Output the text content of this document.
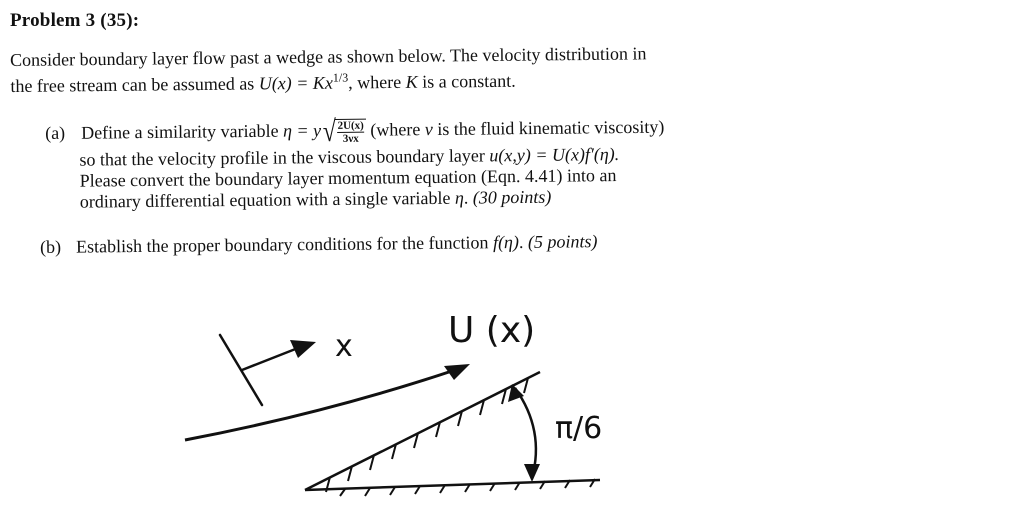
Problem 3 (35):
Consider boundary layer flow past a wedge as shown below. The velocity distribution in
the free stream can be assumed as $U(x) = Kx^{1/3}$, where K is a constant.
(a) Define a similarity variable η = y √ $\frac{2U(x)}{3\nu x}$ (where ν is the fluid kinematic viscosity)
so that the velocity profile in the viscous boundary layer u(x,y) = U(x)f′(η).
Please convert the boundary layer momentum equation (Eqn. 4.41) into an
ordinary differential equation with a single variable η. (30 points)
(b) Establish the proper boundary conditions for the function f(η). (5 points)
x	U (x)
π/6
